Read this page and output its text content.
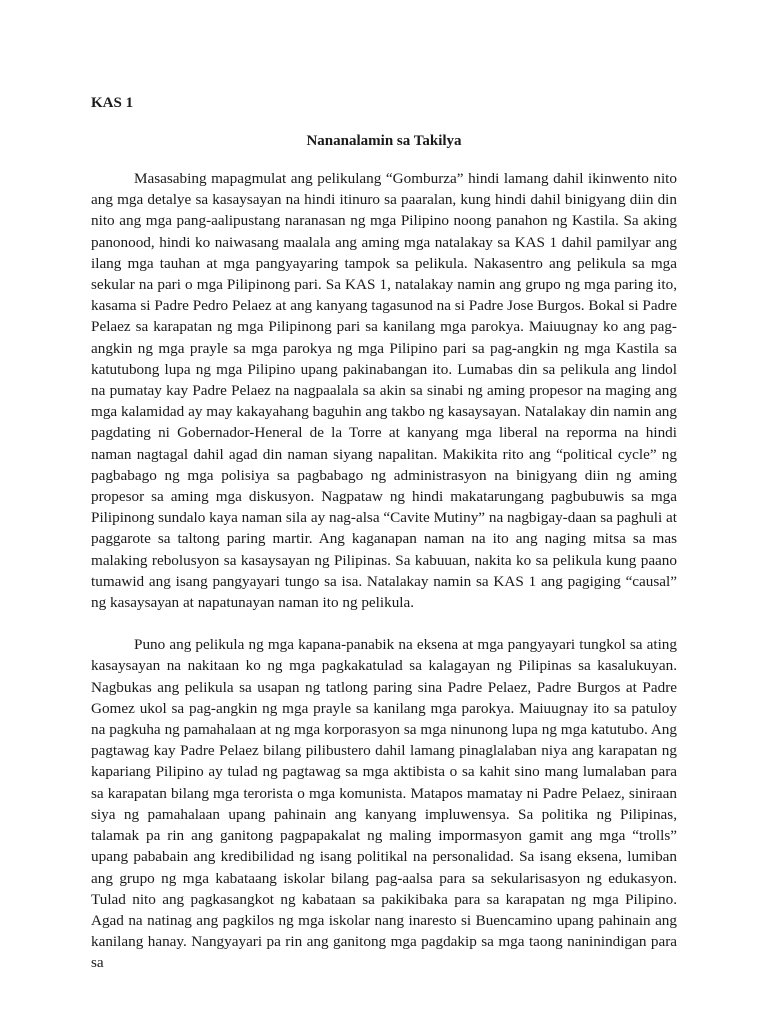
KAS 1
Nananalamin sa Takilya

Masasabing mapagmulat ang pelikulang “Gomburza” hindi lamang dahil ikinwento nito ang mga detalye sa kasaysayan na hindi itinuro sa paaralan, kung hindi dahil binigyang diin din nito ang mga pang-aalipustang naranasan ng mga Pilipino noong panahon ng Kastila. Sa aking panonood, hindi ko naiwasang maalala ang aming mga natalakay sa KAS 1 dahil pamilyar ang ilang mga tauhan at mga pangyayaring tampok sa pelikula. Nakasentro ang pelikula sa mga sekular na pari o mga Pilipinong pari. Sa KAS 1, natalakay namin ang grupo ng mga paring ito, kasama si Padre Pedro Pelaez at ang kanyang tagasunod na si Padre Jose Burgos. Bokal si Padre Pelaez sa karapatan ng mga Pilipinong pari sa kanilang mga parokya. Maiuugnay ko ang pag-angkin ng mga prayle sa mga parokya ng mga Pilipino pari sa pag-angkin ng mga Kastila sa katutubong lupa ng mga Pilipino upang pakinabangan ito. Lumabas din sa pelikula ang lindol na pumatay kay Padre Pelaez na nagpaalala sa akin sa sinabi ng aming propesor na maging ang mga kalamidad ay may kakayahang baguhin ang takbo ng kasaysayan. Natalakay din namin ang pagdating ni Gobernador-Heneral de la Torre at kanyang mga liberal na reporma na hindi naman nagtagal dahil agad din naman siyang napalitan. Makikita rito ang “political cycle” ng pagbabago ng mga polisiya sa pagbabago ng administrasyon na binigyang diin ng aming propesor sa aming mga diskusyon. Nagpataw ng hindi makatarungang pagbubuwis sa mga Pilipinong sundalo kaya naman sila ay nag-alsa “Cavite Mutiny” na nagbigay-daan sa paghuli at paggarote sa taltong paring martir. Ang kaganapan naman na ito ang naging mitsa sa mas malaking rebolusyon sa kasaysayan ng Pilipinas. Sa kabuuan, nakita ko sa pelikula kung paano tumawid ang isang pangyayari tungo sa isa. Natalakay namin sa KAS 1 ang pagiging “causal” ng kasaysayan at napatunayan naman ito ng pelikula.

Puno ang pelikula ng mga kapana-panabik na eksena at mga pangyayari tungkol sa ating kasaysayan na nakitaan ko ng mga pagkakatulad sa kalagayan ng Pilipinas sa kasalukuyan. Nagbukas ang pelikula sa usapan ng tatlong paring sina Padre Pelaez, Padre Burgos at Padre Gomez ukol sa pag-angkin ng mga prayle sa kanilang mga parokya. Maiuugnay ito sa patuloy na pagkuha ng pamahalaan at ng mga korporasyon sa mga ninunong lupa ng mga katutubo. Ang pagtawag kay Padre Pelaez bilang pilibustero dahil lamang pinaglalaban niya ang karapatan ng kapariang Pilipino ay tulad ng pagtawag sa mga aktibista o sa kahit sino mang lumalaban para sa karapatan bilang mga terorista o mga komunista. Matapos mamatay ni Padre Pelaez, siniraan siya ng pamahalaan upang pahinain ang kanyang impluwensya. Sa politika ng Pilipinas, talamak pa rin ang ganitong pagpapakalat ng maling impormasyon gamit ang mga “trolls” upang pababain ang kredibilidad ng isang politikal na personalidad. Sa isang eksena, lumiban ang grupo ng mga kabataang iskolar bilang pag-aalsa para sa sekularisasyon ng edukasyon. Tulad nito ang pagkasangkot ng kabataan sa pakikibaka para sa karapatan ng mga Pilipino. Agad na natinag ang pagkilos ng mga iskolar nang inaresto si Buencamino upang pahinain ang kanilang hanay. Nangyayari pa rin ang ganitong mga pagdakip sa mga taong naninindigan para sa
